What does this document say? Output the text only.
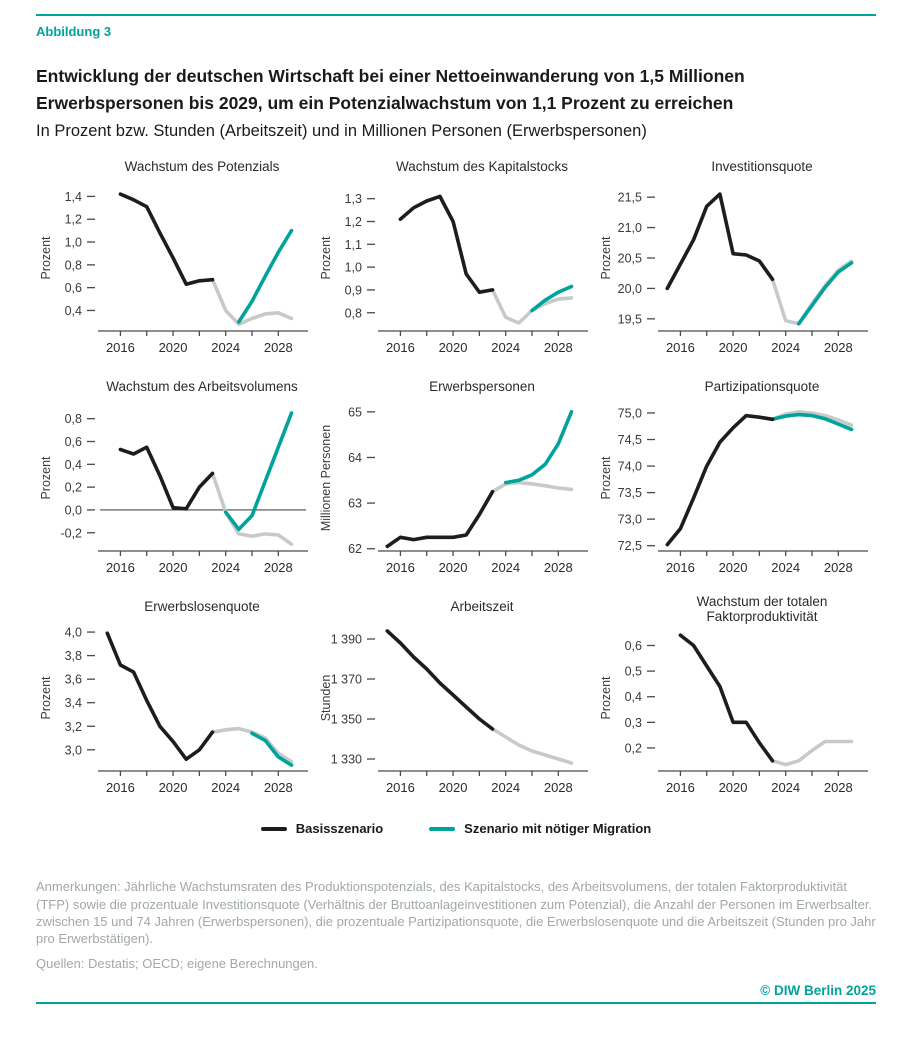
Abbildung 3
Entwicklung der deutschen Wirtschaft bei einer Nettoeinwanderung von 1,5 Millionen Erwerbspersonen bis 2029, um ein Potenzialwachstum von 1,1 Prozent zu erreichen
In Prozent bzw. Stunden (Arbeitszeit) und in Millionen Personen (Erwerbspersonen)
Wachstum des Potenzials
Prozent
0,4
0,6
0,8
1,0
1,2
1,4
2016 2020 2024 2028
Wachstum des Kapitalstocks
Prozent
0,8
0,9
1,0
1,1
1,2
1,3
2016 2020 2024 2028
Investitionsquote
Prozent
19,5
20,0
20,5
21,0
21,5
2016 2020 2024 2028
Wachstum des Arbeitsvolumens
Prozent
-0,2
0,0
0,2
0,4
0,6
0,8
2016 2020 2024 2028
Erwerbspersonen
Millionen Personen
62
63
64
65
2016 2020 2024 2028
Partizipationsquote
Prozent
72,5
73,0
73,5
74,0
74,5
75,0
2016 2020 2024 2028
Erwerbslosenquote
Prozent
3,0
3,2
3,4
3,6
3,8
4,0
2016 2020 2024 2028
Arbeitszeit
Stunden
1 330
1 350
1 370
1 390
2016 2020 2024 2028
Wachstum der totalen
Faktorproduktivität
Prozent
0,2
0,3
0,4
0,5
0,6
2016 2020 2024 2028
Basisszenario	Szenario mit nötiger Migration
Anmerkungen: Jährliche Wachstumsraten des Produktionspotenzials, des Kapitalstocks, des Arbeitsvolumens, der totalen Faktorproduktivität (TFP) sowie die prozentuale Investitionsquote (Verhältnis der Bruttoanlageinvestitionen zum Potenzial), die Anzahl der Personen im Erwerbsalter. zwischen 15 und 74 Jahren (Erwerbspersonen), die prozentuale Partizipationsquote, die Erwerbslosenquote und die Arbeitszeit (Stunden pro Jahr pro Erwerbstätigen).
Quellen: Destatis; OECD; eigene Berechnungen.
© DIW Berlin 2025
